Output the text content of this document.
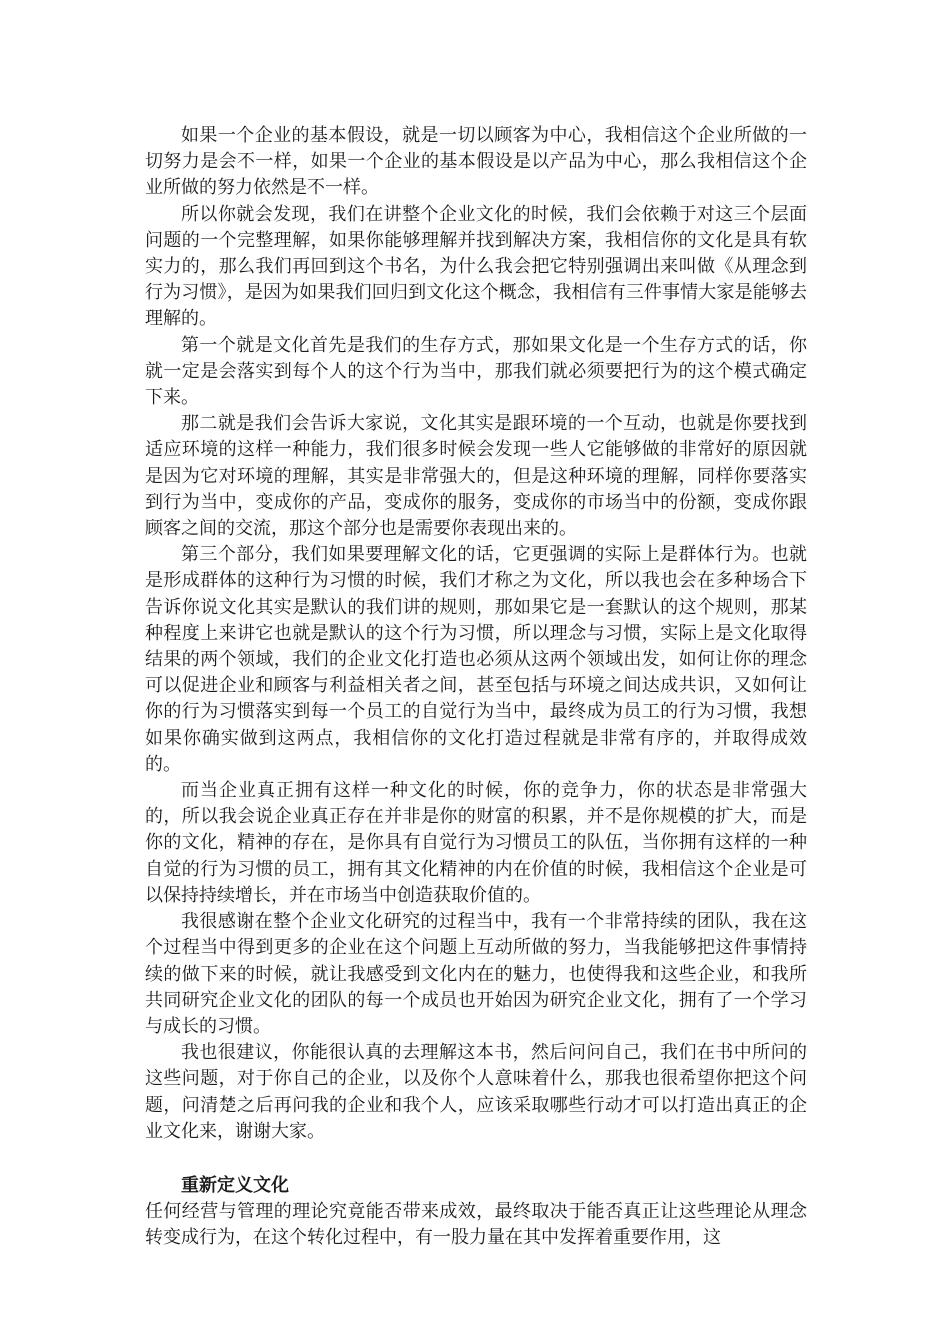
如果一个企业的基本假设，就是一切以顾客为中心，我相信这个企业所做的一切努力是会不一样，如果一个企业的基本假设是以产品为中心，那么我相信这个企业所做的努力依然是不一样。

所以你就会发现，我们在讲整个企业文化的时候，我们会依赖于对这三个层面问题的一个完整理解，如果你能够理解并找到解决方案，我相信你的文化是具有软实力的，那么我们再回到这个书名，为什么我会把它特别强调出来叫做《从理念到行为习惯》，是因为如果我们回归到文化这个概念，我相信有三件事情大家是能够去理解的。

第一个就是文化首先是我们的生存方式，那如果文化是一个生存方式的话，你就一定是会落实到每个人的这个行为当中，那我们就必须要把行为的这个模式确定下来。

那二就是我们会告诉大家说，文化其实是跟环境的一个互动，也就是你要找到适应环境的这样一种能力，我们很多时候会发现一些人它能够做的非常好的原因就是因为它对环境的理解，其实是非常强大的，但是这种环境的理解，同样你要落实到行为当中，变成你的产品，变成你的服务，变成你的市场当中的份额，变成你跟顾客之间的交流，那这个部分也是需要你表现出来的。

第三个部分，我们如果要理解文化的话，它更强调的实际上是群体行为。也就是形成群体的这种行为习惯的时候，我们才称之为文化，所以我也会在多种场合下告诉你说文化其实是默认的我们讲的规则，那如果它是一套默认的这个规则，那某种程度上来讲它也就是默认的这个行为习惯，所以理念与习惯，实际上是文化取得结果的两个领域，我们的企业文化打造也必须从这两个领域出发，如何让你的理念可以促进企业和顾客与利益相关者之间，甚至包括与环境之间达成共识，又如何让你的行为习惯落实到每一个员工的自觉行为当中，最终成为员工的行为习惯，我想如果你确实做到这两点，我相信你的文化打造过程就是非常有序的，并取得成效的。

而当企业真正拥有这样一种文化的时候，你的竞争力，你的状态是非常强大的，所以我会说企业真正存在并非是你的财富的积累，并不是你规模的扩大，而是你的文化，精神的存在，是你具有自觉行为习惯员工的队伍，当你拥有这样的一种自觉的行为习惯的员工，拥有其文化精神的内在价值的时候，我相信这个企业是可以保持持续增长，并在市场当中创造获取价值的。

我很感谢在整个企业文化研究的过程当中，我有一个非常持续的团队，我在这个过程当中得到更多的企业在这个问题上互动所做的努力，当我能够把这件事情持续的做下来的时候，就让我感受到文化内在的魅力，也使得我和这些企业，和我所共同研究企业文化的团队的每一个成员也开始因为研究企业文化，拥有了一个学习与成长的习惯。

我也很建议，你能很认真的去理解这本书，然后问问自己，我们在书中所问的这些问题，对于你自己的企业，以及你个人意味着什么，那我也很希望你把这个问题，问清楚之后再问我的企业和我个人，应该采取哪些行动才可以打造出真正的企业文化来，谢谢大家。

重新定义文化

任何经营与管理的理论究竟能否带来成效，最终取决于能否真正让这些理论从理念转变成行为，在这个转化过程中，有一股力量在其中发挥着重要作用，这
